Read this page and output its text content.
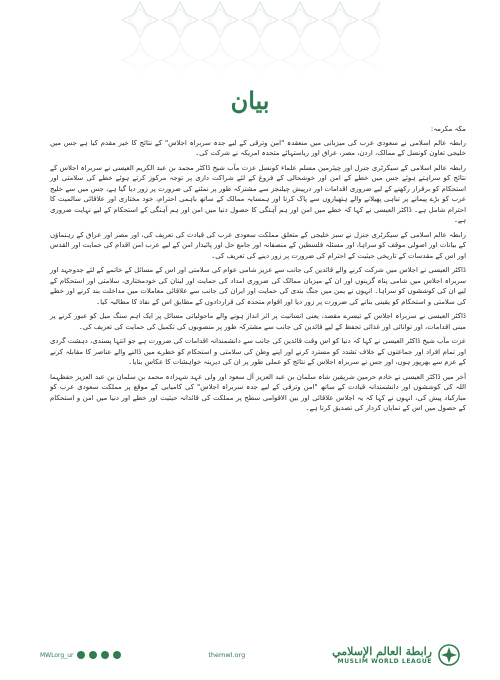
بیان

مکہ مکرمہ:

رابطہ عالم اسلامی نے سعودی عرب کی میزبانی میں منعقدہ "امن وترقی کے لیے جدہ سربراہ اجلاس" کے نتائج کا خیر مقدم کیا ہے جس میں خلیجی تعاون کونسل کے ممالک، اردن، مصر، عراق اور ریاستہائے متحدہ امریکہ نے شرکت کی۔

رابطہ عالم اسلامی کے سیکرٹری جنرل اور چیئرمین مسلم علماء کونسل عزت مآب شیخ ڈاکٹر محمد بن عبد الکریم العیسی نے سربراہ اجلاس کے نتائج کو سراہتے ہوئے جس میں خطے کے امن اور خوشحالی کے فروغ کے لئے شراکت داری پر توجہ مرکوز کرتے ہوئے خطے کی سلامتی اور استحکام کو برقرار رکھنے کے لیے ضروری اقدامات اور درپیش چیلنجز سے مشترکہ طور پر نمٹنے کی ضرورت پر زور دیا گیا ہے، جس میں سے خلیج عرب کو بڑے پیمانے پر تباہی پھیلانے والے ہتھیاروں سے پاک کرنا اور ہمسایہ ممالک کے ساتھ باہمی احترام، خود مختاری اور علاقائی سالمیت کا احترام شامل ہے۔ ڈاکٹر العیسی نے کہا کہ خطے میں امن اور ہم آہنگی کا حصول دنیا میں امن اور ہم آہنگی کے استحکام کے لیے نہایت ضروری ہے۔

رابطہ عالم اسلامی کے سیکرٹری جنرل نے سبز خلیجی کے متعلق مملکت سعودی عرب کی قیادت کی تعریف کی، اور مصر اور عراق کے رہنماؤں کے بیانات اور اصولی موقف کو سراہا، اور مسئلہ فلسطین کے منصفانہ اور جامع حل اور پائیدار امن کے لیے عرب امن اقدام کی حمایت اور القدس اور اس کے مقدسات کے تاریخی حیثیت کے احترام کی ضرورت پر زور دینے کی تعریف کی۔

ڈاکٹر العیسی نے اجلاس میں شرکت کرنے والے قائدین کی جانب سے عزیز شامی عوام کی سلامتی اور اس کے مسائل کے خاتمے کے لئے جدوجہد اور سربراہ اجلاس میں شامی پناہ گزینوں اور ان کے میزبان ممالک کی ضروری امداد کی حمایت اور لبنان کی خودمختاری، سلامتی اور استحکام کے لیے ان کی کوششوں کو سراہا۔ انہوں نے یمن میں جنگ بندی کی حمایت اور ایران کی جانب سے علاقائی معاملات میں مداخلت بند کرنے اور خطے کی سلامتی و استحکام کو یقینی بنانے کی ضرورت پر زور دیا اور اقوام متحدہ کی قراردادوں کے مطابق اس کے نفاذ کا مطالبہ کیا۔

ڈاکٹر العیسی نے سربراہ اجلاس کے تیسرے مقصد، یعنی انسانیت پر اثر انداز ہونے والے ماحولیاتی مسائل پر ایک اہم سنگ میل کو عبور کرنے پر مبنی اقدامات، اور توانائی اور غذائی تحفظ کے لیے قائدین کی جانب سے مشترکہ طور پر منصوبوں کی تکمیل کی حمایت کی تعریف کی۔

عزت مآب شیخ ڈاکٹر العیسی نے کہا کہ دنیا کو اس وقت قائدین کی جانب سے دانشمندانہ اقدامات کی ضرورت ہے جو انتہا پسندی، دہشت گردی اور تمام افراد اور جماعتوں کے خلاف تشدد کو مسترد کرنے اور اپنے وطن کی سلامتی و استحکام کو خطرے میں ڈالنے والے عناصر کا مقابلہ کرنے کے عزم سے بھرپور ہوں، اور جس نے سربراہ اجلاس کے نتائج کو عملی طور پر ان کی دیرینہ خواہشات کا عکاس بنایا۔

آخر میں ڈاکٹر العیسی نے خادم حرمین شریفین شاہ سلمان بن عبد العزیز آل سعود اور ولی عہد شہزادہ محمد بن سلمان بن عبد العزیز حفظہما اللہ کی کوششوں اور دانشمندانہ قیادت کے ساتھ "امن وترقی کے لیے جدہ سربراہ اجلاس" کی کامیابی کے موقع پر مملکت سعودی عرب کو مبارکباد پیش کی، انہوں نے کہا کہ یہ اجلاس علاقائی اور بین الاقوامی سطح پر مملکت کی قائدانہ حیثیت اور خطے اور دنیا میں امن و استحکام کے حصول میں اس کے نمایاں کردار کی تصدیق کرتا ہے۔

MWLorg_ur	themwl.org	رابطة العالم الإسلامي
MUSLIM WORLD LEAGUE
